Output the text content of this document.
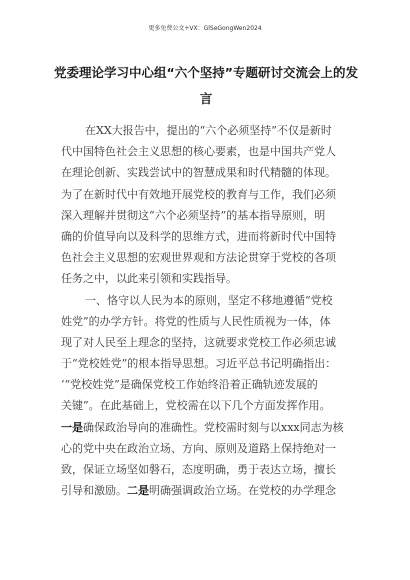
更多免费公文+VX：GlSeGongWen2024
党委理论学习中心组“六个坚持”专题研讨交流会上的发
言
在XX大报告中，提出的“六个必须坚持”不仅是新时
代中国特色社会主义思想的核心要素，也是中国共产党人
在理论创新、实践尝试中的智慧成果和时代精髓的体现。
为了在新时代中有效地开展党校的教育与工作，我们必须
深入理解并贯彻这“六个必须坚持”的基本指导原则，明
确的价值导向以及科学的思维方式，进而将新时代中国特
色社会主义思想的宏观世界观和方法论贯穿于党校的各项
任务之中，以此来引领和实践指导。
一、恪守以人民为本的原则，坚定不移地遵循“党校
姓党”的办学方针。将党的性质与人民性质视为一体，体
现了对人民至上理念的坚持，这就要求党校工作必须忠诚
于“党校姓党”的根本指导思想。习近平总书记明确指出：
‘“党校姓党”是确保党校工作始终沿着正确轨迹发展的
关键”。在此基础上，党校需在以下几个方面发挥作用。
一是确保政治导向的准确性。党校需时刻与以xxx同志为核
心的党中央在政治立场、方向、原则及道路上保持绝对一
致，保证立场坚如磐石，态度明确，勇于表达立场，擅长
引导和激励。二是明确强调政治立场。在党校的办学理念
